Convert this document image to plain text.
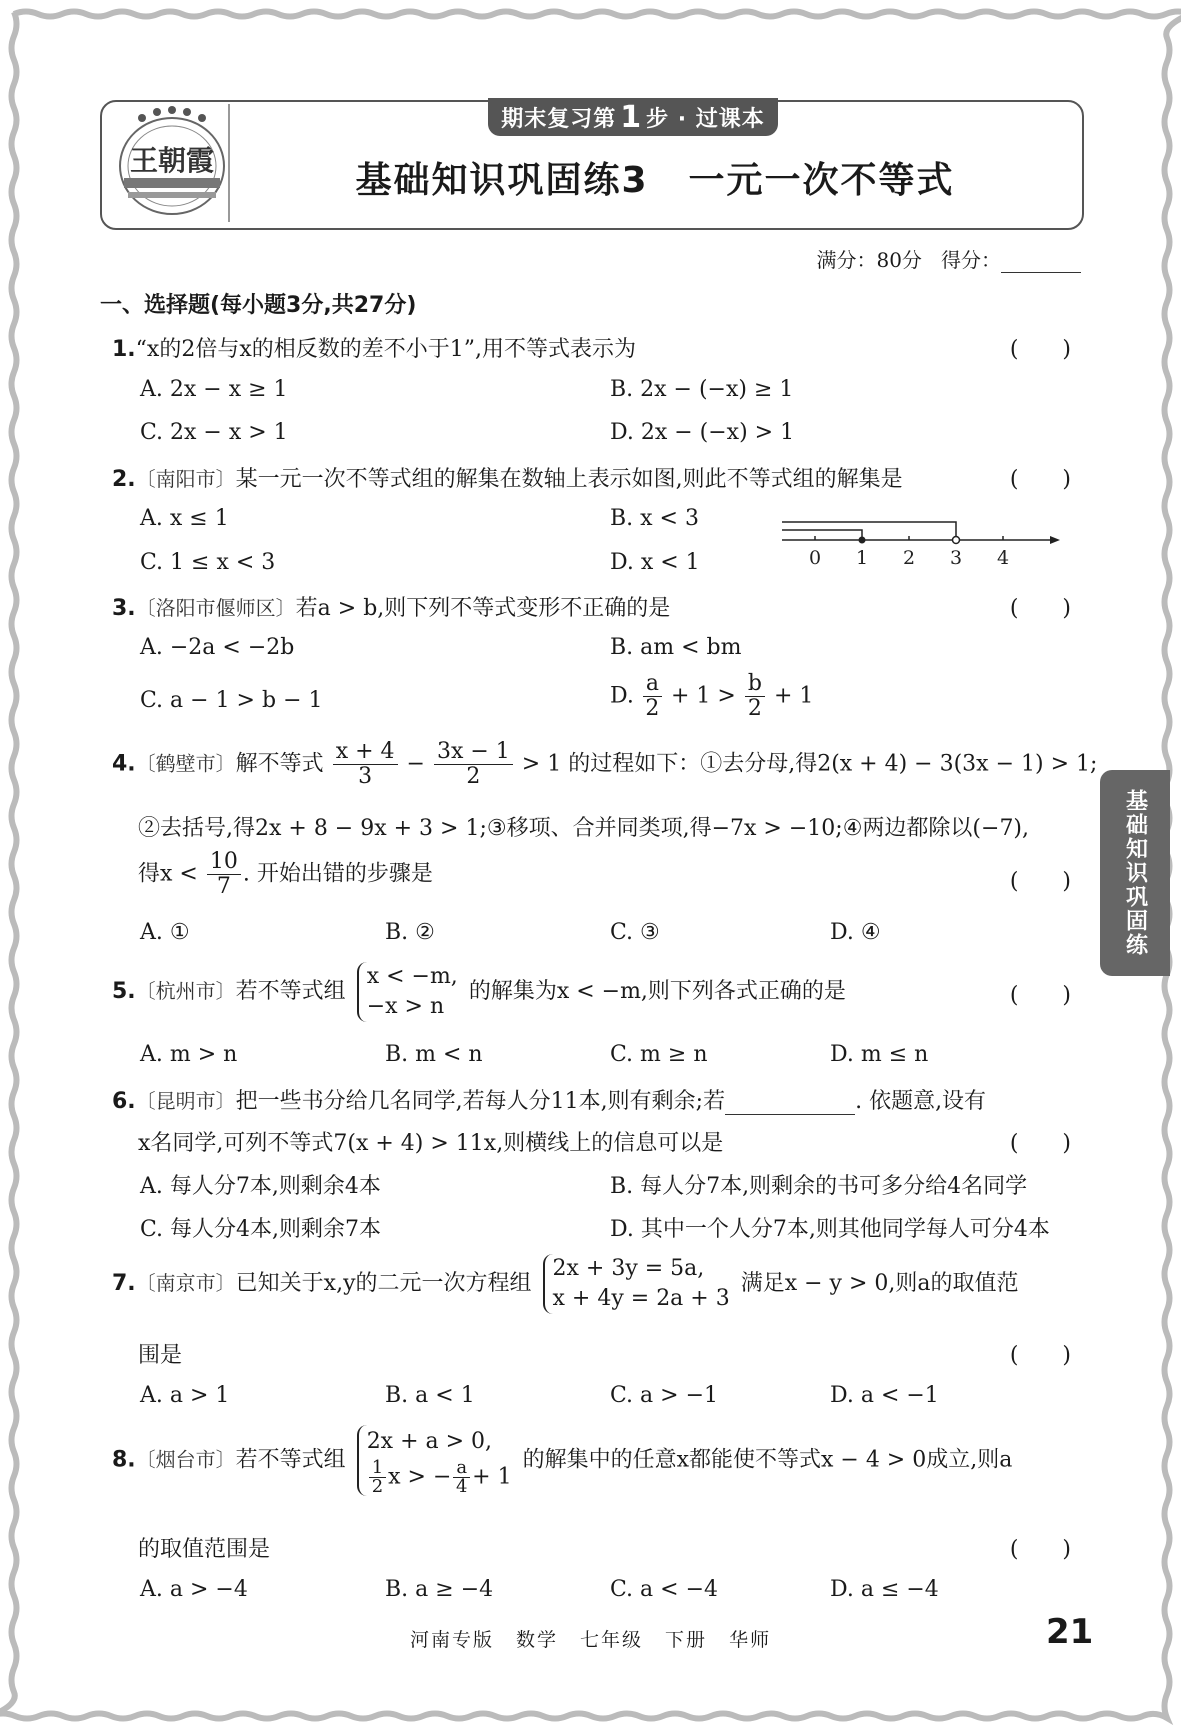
王朝霞
期末复习第 1 步 · 过课本
基础知识巩固练3 一元一次不等式
满分：80分 得分：
一、选择题(每小题3分,共27分)
1.“x的2倍与x的相反数的差不小于1”,用不等式表示为	(　　)
A. 2x − x ≥ 1	B. 2x − (−x) ≥ 1
C. 2x − x > 1	D. 2x − (−x) > 1
2.〔南阳市〕某一元一次不等式组的解集在数轴上表示如图,则此不等式组的解集是	(　　)
A. x ≤ 1	B. x < 3
C. 1 ≤ x < 3	D. x < 1	0 1 2 3 4
3.〔洛阳市偃师区〕若a > b,则下列不等式变形不正确的是	(　　)
A. −2a < −2b	B. am < bm
C. a − 1 > b − 1	D. $\frac{a}{2} + 1 > \frac{b}{2} + 1$
4.〔鹤壁市〕解不等式 $\frac{x + 4}{3} - \frac{3x - 1}{2} > 1$ 的过程如下：①去分母,得2(x + 4) − 3(3x − 1) > 1;
②去括号,得2x + 8 − 9x + 3 > 1;③移项、合并同类项,得−7x > −10;④两边都除以(−7),
得$x < \frac{10}{7}$ . 开始出错的步骤是	(　　)
A. ①	B. ②	C. ③	D. ④
5.〔杭州市〕若不等式组 x < −m,
−x > n 的解集为x < −m,则下列各式正确的是	(　　)
A. m > n	B. m < n	C. m ≥ n	D. m ≤ n
6.〔昆明市〕把一些书分给几名同学,若每人分11本,则有剩余;若	. 依题意,设有
x名同学,可列不等式7(x + 4) > 11x,则横线上的信息可以是	(　　)
A. 每人分7本,则剩余4本	B. 每人分7本,则剩余的书可多分给4名同学
C. 每人分4本,则剩余7本	D. 其中一个人分7本,则其他同学每人可分4本
7.〔南京市〕已知关于x,y的二元一次方程组 2x + 3y = 5a,
x + 4y = 2a + 3 满足x − y > 0,则a的取值范
围是	(　　)
A. a > 1	B. a < 1	C. a > −1	D. a < −1
8.〔烟台市〕若不等式组 2x + a > 0,

$\frac{1}{2}$ x > − $\frac{a}{4} + 1$ 的解集中的任意x都能使不等式x − 4 > 0成立,则a
的取值范围是	(　　)
A. a > −4	B. a ≥ −4	C. a < −4	D. a ≤ −4
基础知识巩固练
河南专版 数学 七年级 下册 华师	21
